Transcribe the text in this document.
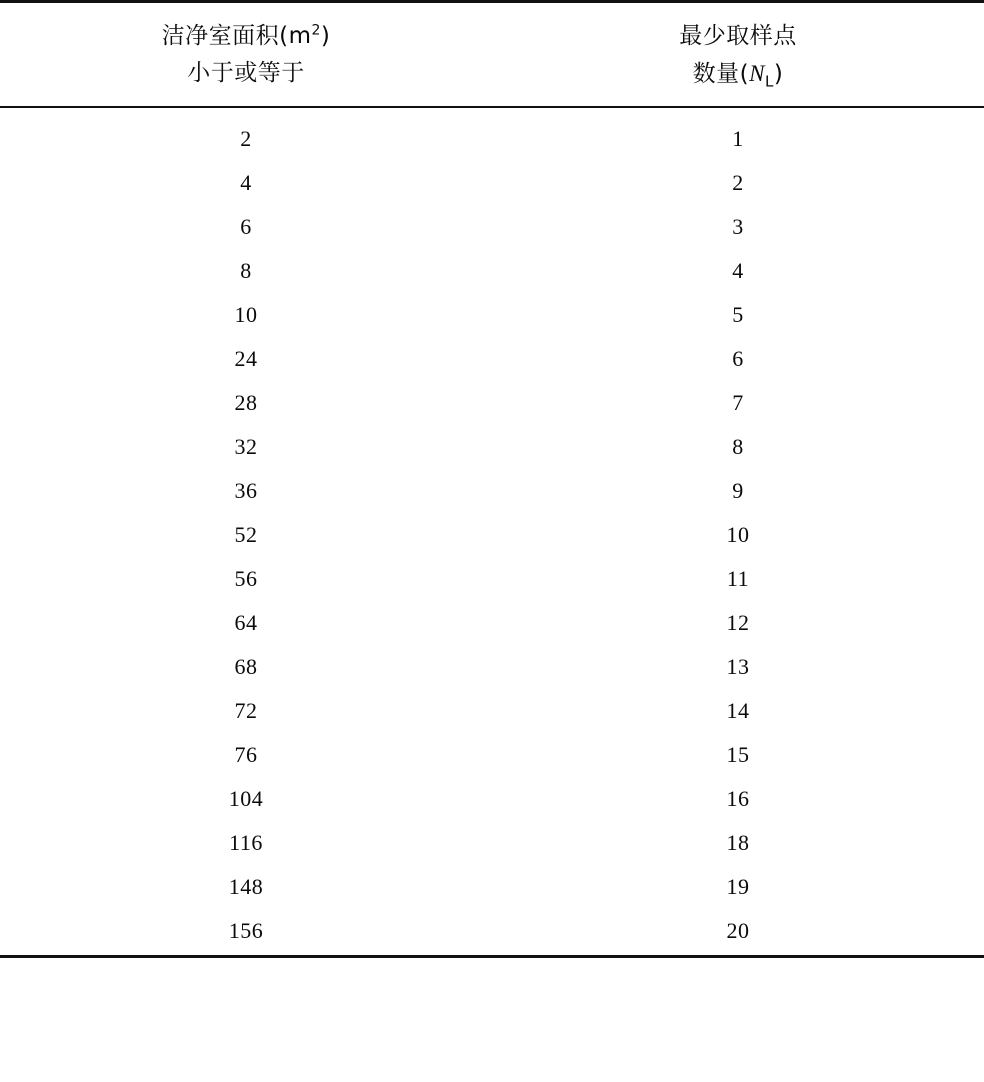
洁净室面积$(m^2)$	最少取样点

小于或等于	数量$(N_L)$

2	1
4	2
6	3
8	4
10	5
24	6
28	7
32	8
36	9
52	10
56	11
64	12
68	13
72	14
76	15
104	16
116	18
148	19
156	20
